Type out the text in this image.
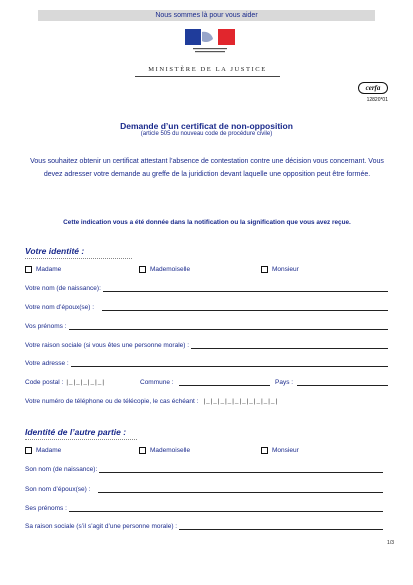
Nous sommes là pour vous aider
MINISTÈRE DE LA JUSTICE
cerfa
12820*01
Demande d’un certificat de non-opposition
(article 505 du nouveau code de procédure civile)
Vous souhaitez obtenir un certificat attestant l’absence de contestation contre une décision vous concernant. Vous devez adresser votre demande au greffe de la juridiction devant laquelle une opposition peut être formée.
Cette indication vous a été donnée dans la notification ou la signification que vous avez reçue.
Votre identité :
Madame	Mademoiselle	Monsieur
Votre nom (de naissance):
Votre nom d’époux(se) :
Vos prénoms :
Votre raison sociale (si vous êtes une personne morale) :
Votre adresse :
Code postal : |_|_|_|_|_|	Commune :	Pays :
Votre numéro de téléphone ou de télécopie, le cas échéant : |_|_|_|_|_|_|_|_|_|_|
Identité de l’autre partie :
Madame	Mademoiselle	Monsieur
Son nom (de naissance):
Son nom d’époux(se) :
Ses prénoms :
Sa raison sociale (s’il s’agit d’une personne morale) :
1/3
